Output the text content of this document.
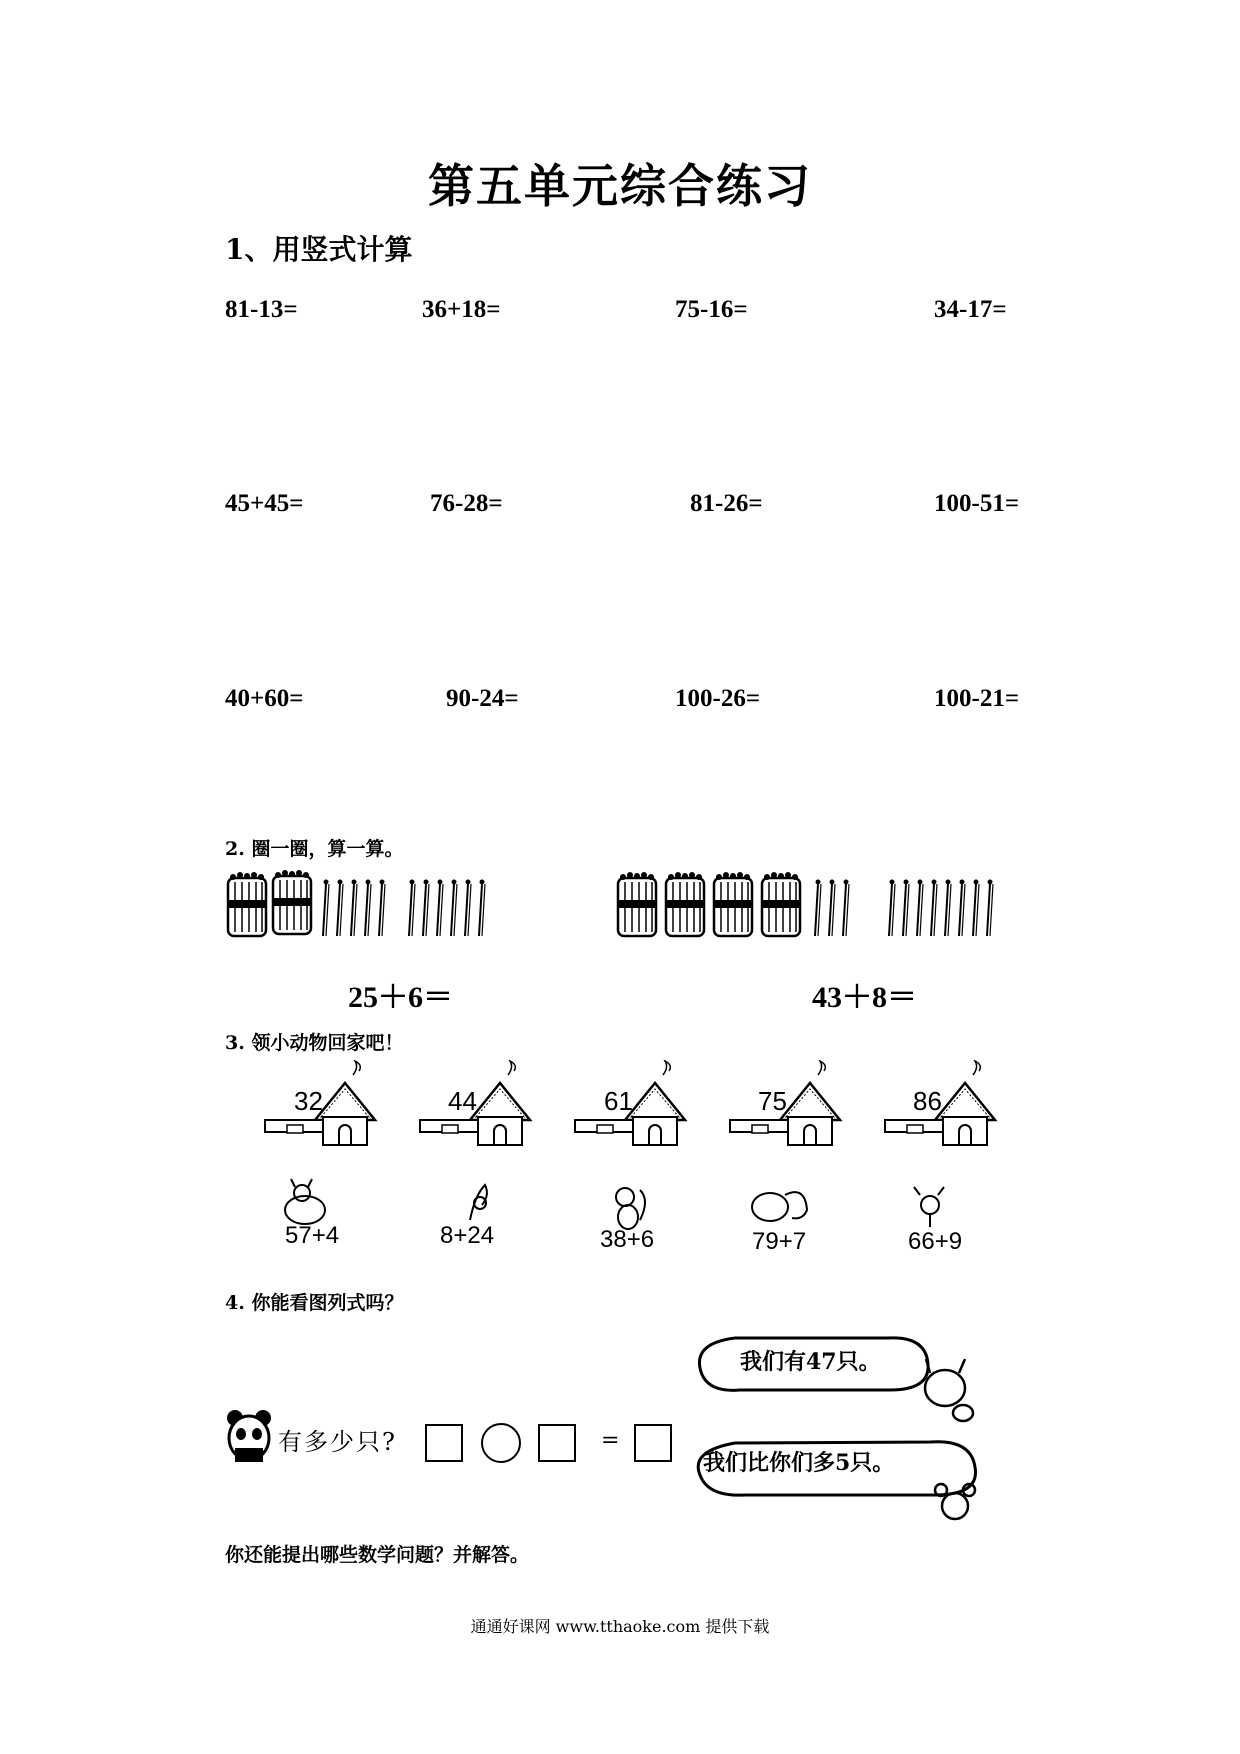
第五单元综合练习
1、用竖式计算
81-13=	36+18=	75-16=	34-17=
45+45=	76-28=	81-26=	100-51=
40+60=	90-24=	100-26=	100-21=
2. 圈一圈，算一算。
25＋6＝	43＋8＝
3. 领小动物回家吧！
32	44	61	75	86
57+4	8+24	38+6	79+7	66+9
4. 你能看图列式吗？
我们有47只。
我们比你们多5只。
有多少只?	=
你还能提出哪些数学问题？并解答。
通通好课网 www.tthaoke.com 提供下载
